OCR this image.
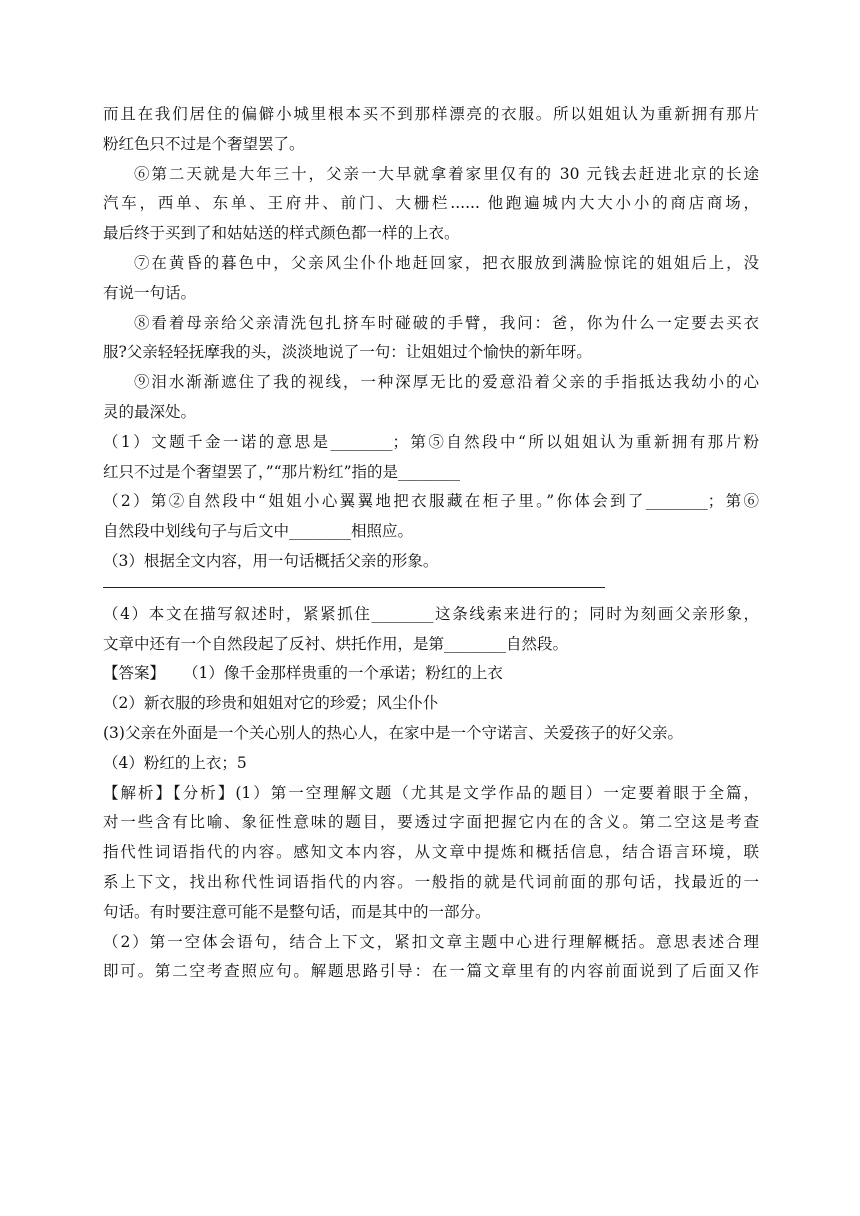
而且在我们居住的偏僻小城里根本买不到那样漂亮的衣服。所以姐姐认为重新拥有那片
粉红色只不过是个奢望罢了。
⑥第二天就是大年三十，父亲一大早就拿着家里仅有的 30 元钱去赶进北京的长途
汽车，西单、东单、王府井、前门、大栅栏...... 他跑遍城内大大小小的商店商场，
最后终于买到了和姑姑送的样式颜色都一样的上衣。
⑦在黄昏的暮色中，父亲风尘仆仆地赶回家，把衣服放到满脸惊诧的姐姐后上，没
有说一句话。
⑧看着母亲给父亲清洗包扎挤车时碰破的手臂，我问：爸，你为什么一定要去买衣
服?父亲轻轻抚摩我的头，淡淡地说了一句：让姐姐过个愉快的新年呀。
⑨泪水渐渐遮住了我的视线，一种深厚无比的爱意沿着父亲的手指抵达我幼小的心
灵的最深处。
（1）文题千金一诺的意思是________；第⑤自然段中“所以姐姐认为重新拥有那片粉
红只不过是个奢望罢了，”“那片粉红”指的是________
（2）第②自然段中“姐姐小心翼翼地把衣服藏在柜子里。”你体会到了________；第⑥
自然段中划线句子与后文中________相照应。
（3）根据全文内容，用一句话概括父亲的形象。
（4）本文在描写叙述时，紧紧抓住________这条线索来进行的；同时为刻画父亲形象，
文章中还有一个自然段起了反衬、烘托作用，是第________自然段。
【答案】 （1）像千金那样贵重的一个承诺；粉红的上衣
（2）新衣服的珍贵和姐姐对它的珍爱；风尘仆仆
(3)父亲在外面是一个关心别人的热心人，在家中是一个守诺言、关爱孩子的好父亲。
（4）粉红的上衣；5
【解析】【分析】(1）第一空理解文题（尤其是文学作品的题目）一定要着眼于全篇，
对一些含有比喻、象征性意味的题目，要透过字面把握它内在的含义。第二空这是考查
指代性词语指代的内容。感知文本内容，从文章中提炼和概括信息，结合语言环境，联
系上下文，找出称代性词语指代的内容。一般指的就是代词前面的那句话，找最近的一
句话。有时要注意可能不是整句话，而是其中的一部分。
（2）第一空体会语句，结合上下文，紧扣文章主题中心进行理解概括。意思表述合理
即可。第二空考查照应句。解题思路引导：在一篇文章里有的内容前面说到了后面又作
